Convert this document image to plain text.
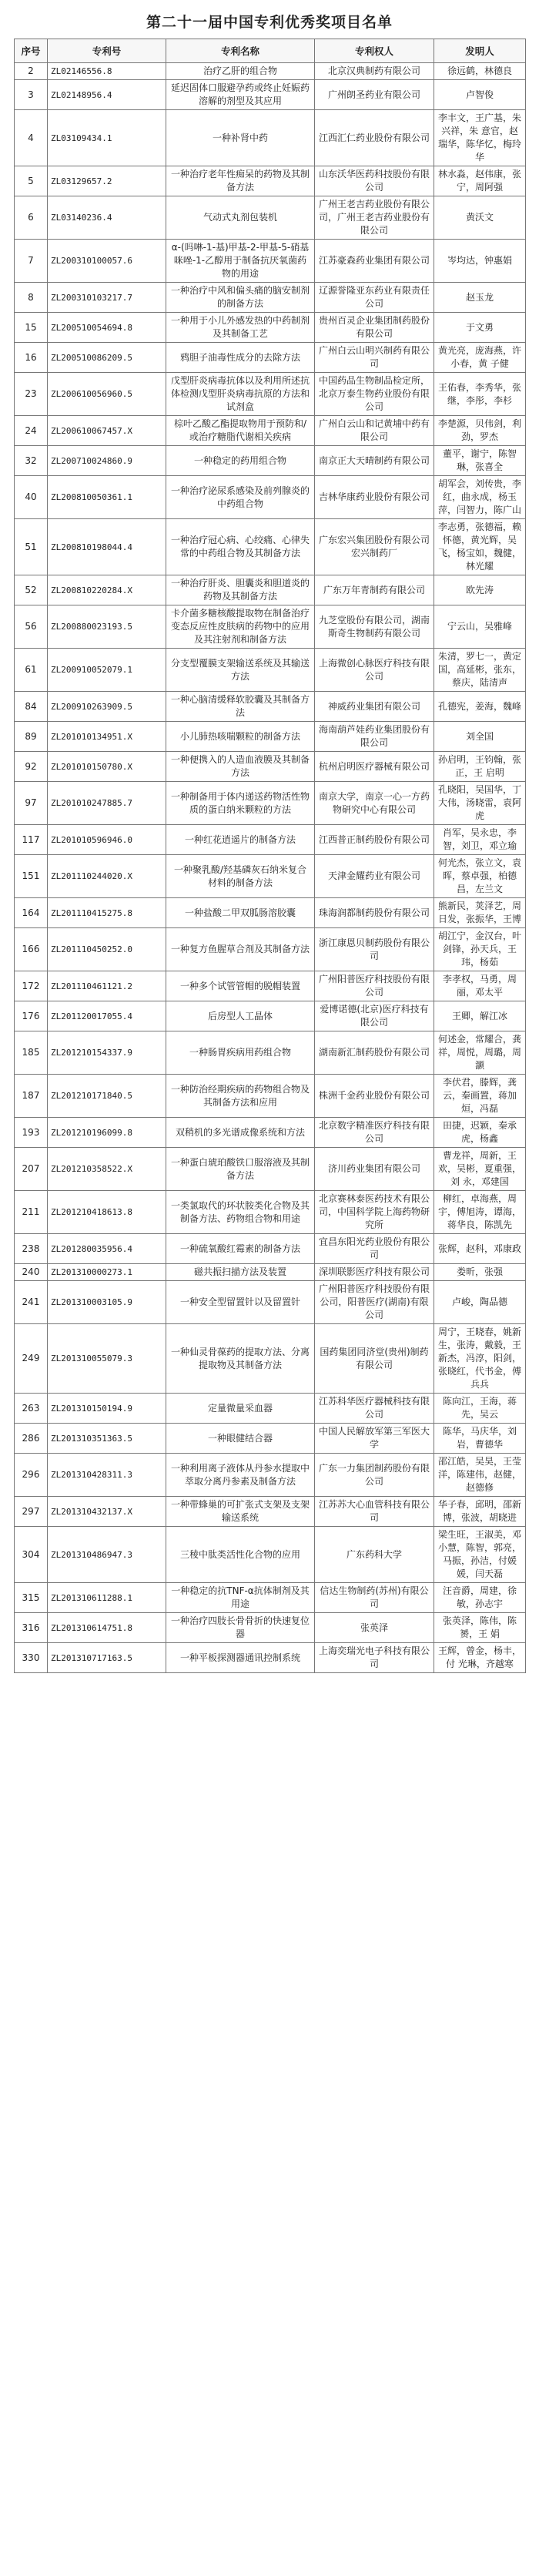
第二十一届中国专利优秀奖项目名单
序号	专利号	专利名称	专利权人	发明人
2	ZL02146556.8	治疗乙肝的组合物	北京汉典制药有限公司	徐远鹤，林德良
3	ZL02148956.4	延迟固体口服避孕药或终止妊娠药溶解的剂型及其应用	广州朗圣药业有限公司	卢智俊
4	ZL03109434.1	一种补肾中药	江西汇仁药业股份有限公司	李丰文，王广基，朱兴祥，朱 意官，赵瑞华，陈华忆，梅玲华
5	ZL03129657.2	一种治疗老年性痴呆的药物及其制备方法	山东沃华医药科技股份有限公司	林水淼，赵伟康，张宁，周阿强
6	ZL03140236.4	气动式丸剂包装机	广州王老吉药业股份有限公司，广州王老吉药业股份有限公司	黄沃文
7	ZL200310100057.6	α-(吗啉-1-基)甲基-2-甲基-5-硝基咪唑-1-乙醇用于制备抗厌氧菌药物的用途	江苏豪森药业集团有限公司	岑均达，钟惠娟
8	ZL200310103217.7	一种治疗中风和偏头痛的脑安制剂的制备方法	辽源誉隆亚东药业有限责任公司	赵玉龙
15	ZL200510054694.8	一种用于小儿外感发热的中药制剂及其制备工艺	贵州百灵企业集团制药股份有限公司	于文勇
16	ZL200510086209.5	鸦胆子油毒性成分的去除方法	广州白云山明兴制药有限公司	黄光亮，庞海燕，许小春，黄 子健
23	ZL200610056960.5	戊型肝炎病毒抗体以及利用所述抗体检测戊型肝炎病毒抗原的方法和试剂盒	中国药品生物制品检定所，北京万泰生物药业股份有限公司	王佑春，李秀华，张继，李彤，李杉
24	ZL200610067457.X	棕叶乙酸乙酯提取物用于预防和/或治疗糖脂代谢相关疾病	广州白云山和记黄埔中药有限公司	李楚源，贝伟剑，利劲，罗杰
32	ZL200710024860.9	一种稳定的药用组合物	南京正大天晴制药有限公司	董平，谢宁，陈智琳，张喜全
40	ZL200810050361.1	一种治疗泌尿系感染及前列腺炎的中药组合物	吉林华康药业股份有限公司	胡军会，刘传贵，李红，曲永成，杨玉萍，闫智力，陈广山
51	ZL200810198044.4	一种治疗冠心病、心绞痛、心律失常的中药组合物及其制备方法	广东宏兴集团股份有限公司宏兴制药厂	李志勇，张德福，赖怀德，黄光辉，吴飞，杨宝如，魏健，林光耀
52	ZL200810220284.X	一种治疗肝炎、胆囊炎和胆道炎的药物及其制备方法	广东万年青制药有限公司	欧先涛
56	ZL200880023193.5	卡介菌多糖核酸提取物在制备治疗变态反应性皮肤病的药物中的应用及其注射剂和制备方法	九芝堂股份有限公司，湖南斯奇生物制药有限公司	宁云山，吴雅峰
61	ZL200910052079.1	分支型覆膜支架输送系统及其输送方法	上海微创心脉医疗科技有限公司	朱清，罗七一，黄定国，高延彬，张东，蔡庆，陆清声
84	ZL200910263909.5	一种心脑清缓释软胶囊及其制备方法	神威药业集团有限公司	孔德宪，姜海，魏峰
89	ZL201010134951.X	小儿肺热咳喘颗粒的制备方法	海南葫芦娃药业集团股份有限公司	刘全国
92	ZL201010150780.X	一种便携入的人造血液膜及其制备方法	杭州启明医疗器械有限公司	孙启明，王钧翰，张正，王 启明
97	ZL201010247885.7	一种制备用于体内递送药物活性物质的蛋白纳米颗粒的方法	南京大学，南京一心一方药物研究中心有限公司	孔晓阳，吴国华，丁大伟，汤晓雷，袁阿虎
117	ZL201010596946.0	一种红花逍遥片的制备方法	江西普正制药股份有限公司	肖军，吴永忠，李智，刘卫，邓立瑜
151	ZL201110244020.X	一种聚乳酸/羟基磷灰石纳米复合材料的制备方法	天津金耀药业有限公司	何光杰，张立文，袁晖，蔡卓强，柏德昌，左兰文
164	ZL201110415275.8	一种盐酸二甲双胍肠溶胶囊	珠海润都制药股份有限公司	熊新民，荚泽艺，周日发，张振华，王博
166	ZL201110450252.0	一种复方鱼腥草合剂及其制备方法	浙江康恩贝制药股份有限公司	胡江宁，金汉台，叶剑锋，孙天兵，王玮，杨茹
172	ZL201110461121.2	一种多个试管管帽的脱帽装置	广州阳普医疗科技股份有限公司	李孝权，马勇，周丽，邓太平
176	ZL201120017055.4	后房型人工晶体	爱博诺德(北京)医疗科技有限公司	王卿，解江冰
185	ZL201210154337.9	一种肠胃疾病用药组合物	湖南新汇制药股份有限公司	何述金，常耀合，龚祥，周悦，周璐，周灏
187	ZL201210171840.5	一种防治经期疾病的药物组合物及其制备方法和应用	株洲千金药业股份有限公司	李伏君，滕辉，龚云，秦画置，蒋加烜，冯磊
193	ZL201210196099.8	双稍机的多光谱成像系统和方法	北京数字精准医疗科技有限公司	田捷，迟颖，秦承虎，杨鑫
207	ZL201210358522.X	一种蛋白琥珀酸铁口服溶液及其制备方法	济川药业集团有限公司	曹龙祥，周新，王 欢，吴彬，夏重强，刘 永，邓建国
211	ZL201210418613.8	一类氯取代的环状胺类化合物及其制备方法、药物组合物和用途	北京赛林泰医药技术有限公司，中国科学院上海药物研究所	柳红，卓海燕，周宇，傅旭涛，谭海，蒋华良，陈凯先
238	ZL201280035956.4	一种硫氧酸红霉素的制备方法	宜昌东阳光药业股份有限公司	张辉，赵科，邓康政
240	ZL201310000273.1	磁共振扫描方法及装置	深圳联影医疗科技有限公司	娄昕，张强
241	ZL201310003105.9	一种安全型留置针以及留置针	广州阳普医疗科技股份有限公司，阳普医疗(湖南)有限公司	卢峻，陶品德
249	ZL201310055079.3	一种仙灵骨葆药的提取方法、分离提取物及其制备方法	国药集团同济堂(贵州)制药有限公司	周宁，王晓春，姚新生，张涛，戴毅，王新杰，冯淳，阳剑，张晓红，代书金，傅兵兵
263	ZL201310150194.9	定量微量采血器	江苏科华医疗器械科技有限公司	陈向江，王海，蒋先，吴云
286	ZL201310351363.5	一种眼健结合器	中国人民解放军第三军医大学	陈华，马庆华，刘岩，曹德华
296	ZL201310428311.3	一种利用离子液体从丹参水提取中萃取分离丹参素及制备方法	广东一力集团制药股份有限公司	邵江皓，吴昊，王莹洋，陈建伟，赵健，赵德修
297	ZL201310432137.X	一种带蜂巢的可扩张式支架及支架输送系统	江苏苏大心血管科技有限公司	华子春，邱明，邵新博，张波，胡晓进
304	ZL201310486947.3	三稜中肽类活性化合物的应用	广东药科大学	梁生旺，王淑美，邓小慧，陈智，郭亮，马振，孙洁，付媛媛，闫天磊
315	ZL201310611288.1	一种稳定的抗TNF-α抗体制剂及其用途	信达生物制药(苏州)有限公司	汪音爵，周建，徐敏，孙志宇
316	ZL201310614751.8	一种治疗四肢长骨骨折的快速复位器	张英泽	张英泽，陈伟，陈赟，王 娟
330	ZL201310717163.5	一种平板探测器通讯控制系统	上海奕瑞光电子科技有限公司	王辉，曾金，杨丰，付 光琳，齐越寒
